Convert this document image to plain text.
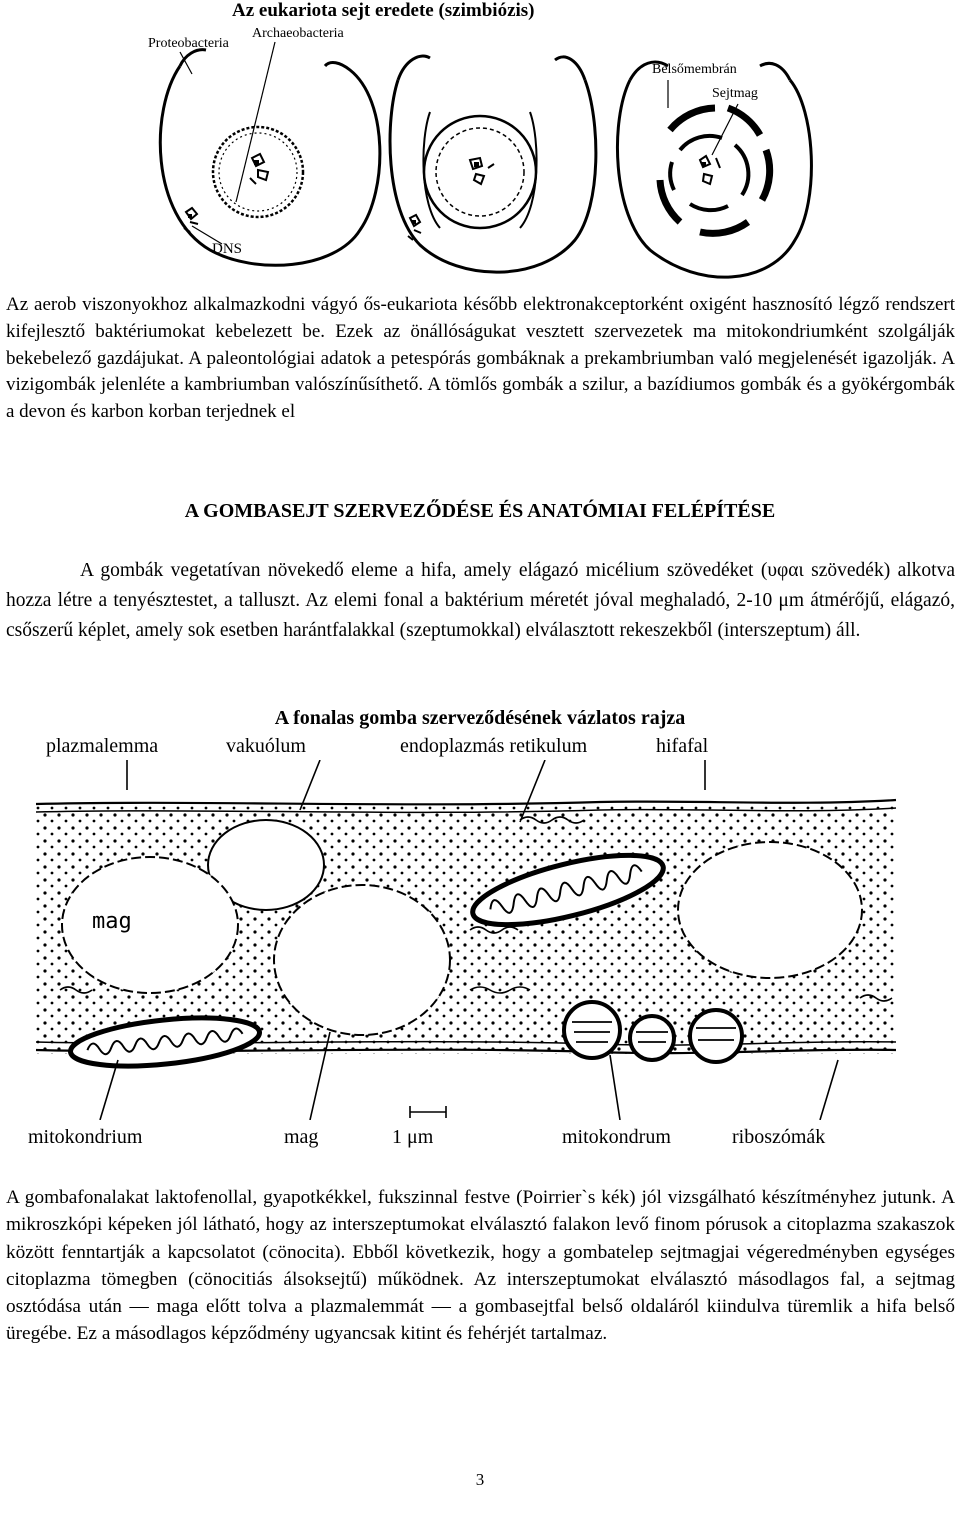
Az eukariota sejt eredete (szimbiózis)
Proteobacteria
Archaeobacteria
Belsőmembrán
Sejtmag
DNS
Az aerob viszonyokhoz alkalmazkodni vágyó ős-eukariota később elektronakceptorként oxigént hasznosító légző rendszert kifejlesztő baktériumokat kebelezett be. Ezek az önállóságukat vesztett szervezetek ma mitokondriumként szolgálják bekebelező gazdájukat. A paleontológiai adatok a petespórás gombáknak a prekambriumban való megjelenését igazolják. A vizigombák jelenléte a kambriumban valószínűsíthető. A tömlős gombák a szilur, a bazídiumos gombák és a gyökérgombák a devon és karbon korban terjednek el
A GOMBASEJT SZERVEZŐDÉSE ÉS ANATÓMIAI FELÉPÍTÉSE
A gombák vegetatívan növekedő eleme a hifa, amely elágazó micélium szövedéket (υφαι szövedék) alkotva hozza létre a tenyésztestet, a talluszt. Az elemi fonal a baktérium méretét jóval meghaladó, 2-10 μm átmérőjű, elágazó, csőszerű képlet, amely sok esetben harántfalakkal (szeptumokkal) elválasztott rekeszekből (interszeptum) áll.
A fonalas gomba szerveződésének vázlatos rajza
plazmalemma	vakuólum	endoplazmás retikulum	hifafal
mag
mitokondrium	mag	1 μm	mitokondrum	riboszómák
A gombafonalakat laktofenollal, gyapotkékkel, fukszinnal festve (Poirrier`s kék) jól vizsgálható készítményhez jutunk. A mikroszkópi képeken jól látható, hogy az interszeptumokat elválasztó falakon levő finom pórusok a citoplazma szakaszok között fenntartják a kapcsolatot (cönocita). Ebből következik, hogy a gombatelep sejtmagjai végeredményben egységes citoplazma tömegben (cönocitiás álsoksejtű) működnek. Az interszeptumokat elválasztó másodlagos fal, a sejtmag osztódása után — maga előtt tolva a plazmalemmát — a gombasejtfal belső oldaláról kiindulva türemlik a hifa belső üregébe. Ez a másodlagos képződmény ugyancsak kitint és fehérjét tartalmaz.
3
